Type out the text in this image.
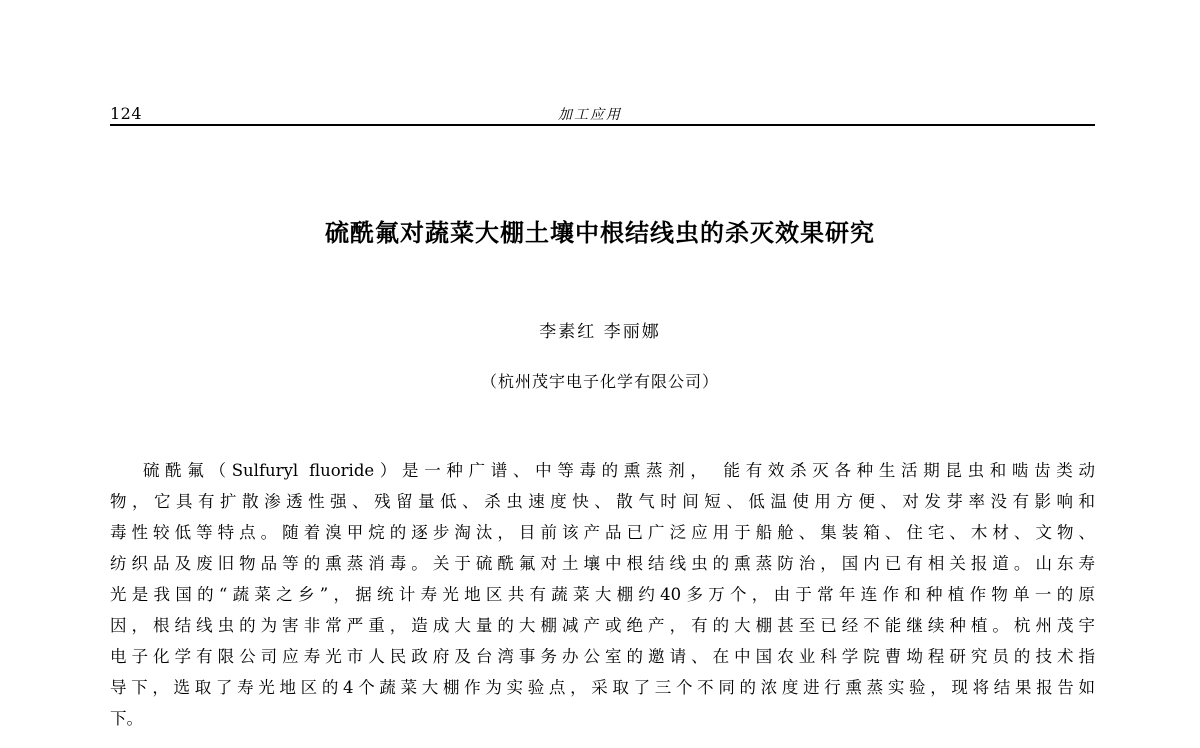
124	加工应用
硫酰氟对蔬菜大棚土壤中根结线虫的杀灭效果研究
李素红 李丽娜
（杭州茂宇电子化学有限公司）
硫酰氟（Sulfuryl fluoride）是一种广谱、中等毒的熏蒸剂， 能有效杀灭各种生活期昆虫和啮齿类动
物，它具有扩散渗透性强、残留量低、杀虫速度快、散气时间短、低温使用方便、对发芽率没有影响和
毒性较低等特点。随着溴甲烷的逐步淘汰，目前该产品已广泛应用于船舱、集装箱、住宅、木材、文物、
纺织品及废旧物品等的熏蒸消毒。关于硫酰氟对土壤中根结线虫的熏蒸防治，国内已有相关报道。山东寿
光是我国的“蔬菜之乡”，据统计寿光地区共有蔬菜大棚约40多万个，由于常年连作和种植作物单一的原
因，根结线虫的为害非常严重，造成大量的大棚减产或绝产，有的大棚甚至已经不能继续种植。杭州茂宇
电子化学有限公司应寿光市人民政府及台湾事务办公室的邀请、在中国农业科学院曹坳程研究员的技术指
导下，选取了寿光地区的4个蔬菜大棚作为实验点，采取了三个不同的浓度进行熏蒸实验，现将结果报告如
下。
